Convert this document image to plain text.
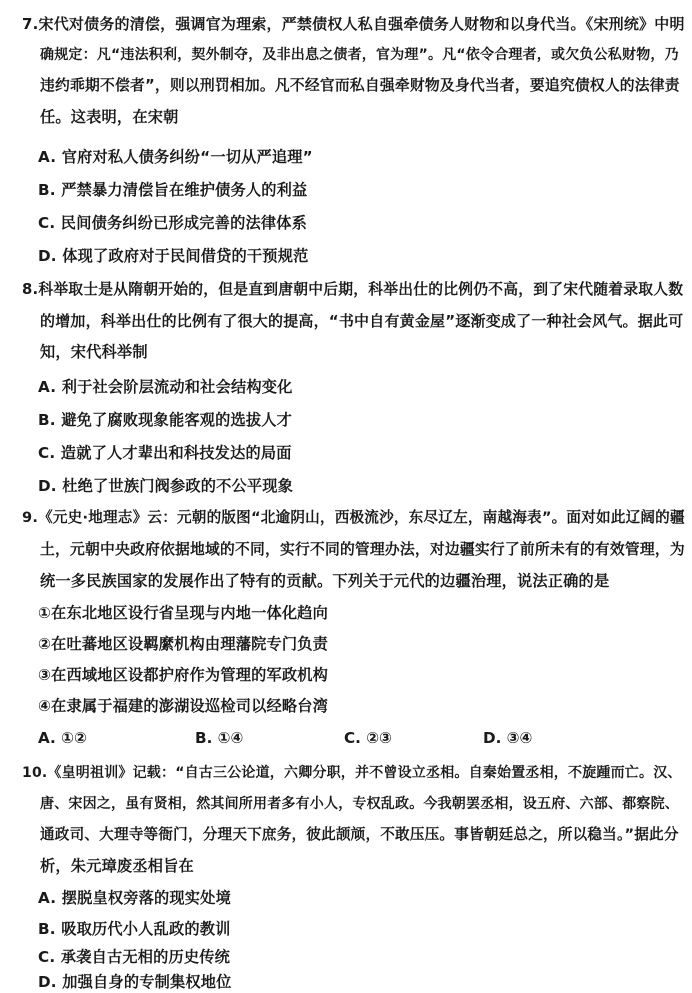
7.宋代对债务的清偿，强调官为理索，严禁债权人私自强牵债务人财物和以身代当。《宋刑统》中明
确规定：凡“违法积利，契外制夺，及非出息之债者，官为理”。凡“依令合理者，或欠负公私财物，乃
违约乖期不偿者”，则以刑罚相加。凡不经官而私自强牵财物及身代当者，要追究债权人的法律责
任。这表明，在宋朝
A. 官府对私人债务纠纷“一切从严追理”
B. 严禁暴力清偿旨在维护债务人的利益
C. 民间债务纠纷已形成完善的法律体系
D. 体现了政府对于民间借贷的干预规范
8.科举取士是从隋朝开始的，但是直到唐朝中后期，科举出仕的比例仍不高，到了宋代随着录取人数
的增加，科举出仕的比例有了很大的提高，“书中自有黄金屋”逐渐变成了一种社会风气。据此可
知，宋代科举制
A. 利于社会阶层流动和社会结构变化
B. 避免了腐败现象能客观的选拔人才
C. 造就了人才辈出和科技发达的局面
D. 杜绝了世族门阀参政的不公平现象
9.《元史·地理志》云：元朝的版图“北逾阴山，西极流沙，东尽辽左，南越海表”。面对如此辽阔的疆
土，元朝中央政府依据地域的不同，实行不同的管理办法，对边疆实行了前所未有的有效管理，为
统一多民族国家的发展作出了特有的贡献。下列关于元代的边疆治理，说法正确的是
①在东北地区设行省呈现与内地一体化趋向
②在吐蕃地区设羁縻机构由理藩院专门负责
③在西域地区设都护府作为管理的军政机构
④在隶属于福建的澎湖设巡检司以经略台湾
A. ①②	B. ①④	C. ②③	D. ③④
10.《皇明祖训》记载：“自古三公论道，六卿分职，并不曾设立丞相。自秦始置丞相，不旋踵而亡。汉、
唐、宋因之，虽有贤相，然其间所用者多有小人，专权乱政。今我朝罢丞相，设五府、六部、都察院、
通政司、大理寺等衙门，分理天下庶务，彼此颉颃，不敢压压。事皆朝廷总之，所以稳当。”据此分
析，朱元璋废丞相旨在
A. 摆脱皇权旁落的现实处境
B. 吸取历代小人乱政的教训
C. 承袭自古无相的历史传统
D. 加强自身的专制集权地位
